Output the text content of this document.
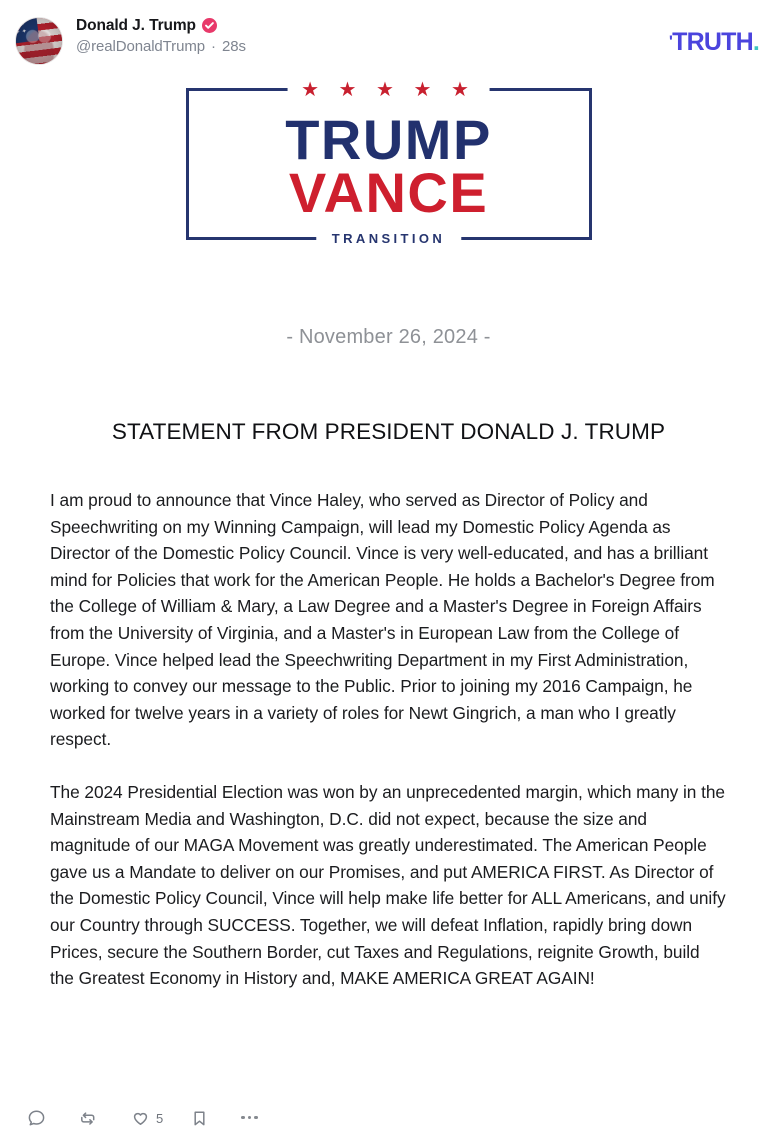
✦ ✦ ✦ ✦
Donald J. Trump
@realDonaldTrump · 28s	' TRUTH .
★ ★ ★ ★ ★
TRUMP
VANCE
TRANSITION
- November 26, 2024 -
STATEMENT FROM PRESIDENT DONALD J. TRUMP

I am proud to announce that Vince Haley, who served as Director of Policy and Speechwriting on my Winning Campaign, will lead my Domestic Policy Agenda as Director of the Domestic Policy Council. Vince is very well-educated, and has a brilliant mind for Policies that work for the American People. He holds a Bachelor's Degree from the College of William & Mary, a Law Degree and a Master's Degree in Foreign Affairs from the University of Virginia, and a Master's in European Law from the College of Europe. Vince helped lead the Speechwriting Department in my First Administration, working to convey our message to the Public. Prior to joining my 2016 Campaign, he worked for twelve years in a variety of roles for Newt Gingrich, a man who I greatly respect.

The 2024 Presidential Election was won by an unprecedented margin, which many in the Mainstream Media and Washington, D.C. did not expect, because the size and magnitude of our MAGA Movement was greatly underestimated. The American People gave us a Mandate to deliver on our Promises, and put AMERICA FIRST. As Director of the Domestic Policy Council, Vince will help make life better for ALL Americans, and unify our Country through SUCCESS. Together, we will defeat Inflation, rapidly bring down Prices, secure the Southern Border, cut Taxes and Regulations, reignite Growth, build the Greatest Economy in History and, MAKE AMERICA GREAT AGAIN!

5
